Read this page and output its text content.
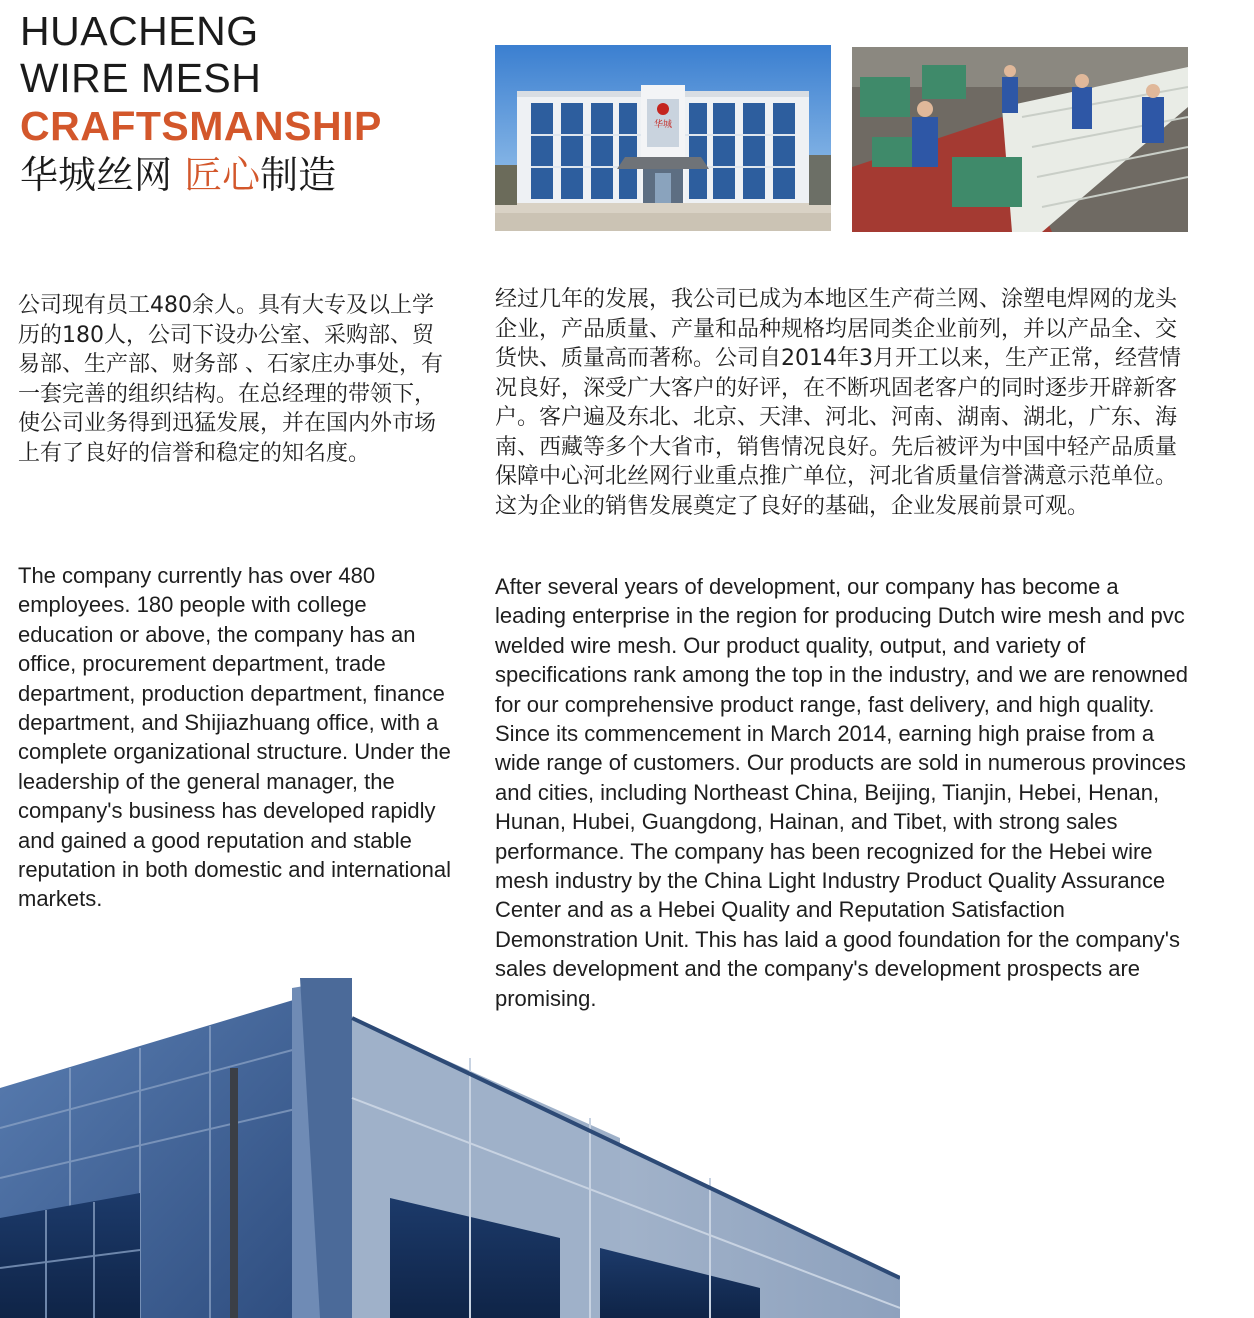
HUACHENG
WIRE MESH
CRAFTSMANSHIP
华城丝网 匠心制造
华城

公司现有员工480余人。具有大专及以上学历的180人，公司下设办公室、采购部、贸易部、生产部、财务部 、石家庄办事处，有一套完善的组织结构。在总经理的带领下，使公司业务得到迅猛发展，并在国内外市场上有了良好的信誉和稳定的知名度。

The company currently has over 480 employees. 180 people with college education or above, the company has an office, procurement department, trade department, production department, finance department, and Shijiazhuang office, with a complete organizational structure. Under the leadership of the general manager, the company's business has developed rapidly and gained a good reputation and stable reputation in both domestic and international markets.

经过几年的发展，我公司已成为本地区生产荷兰网、涂塑电焊网的龙头企业，产品质量、产量和品种规格均居同类企业前列，并以产品全、交货快、质量高而著称。公司自2014年3月开工以来，生产正常，经营情况良好，深受广大客户的好评，在不断巩固老客户的同时逐步开辟新客户。客户遍及东北、北京、天津、河北、河南、湖南、湖北，广东、海南、西藏等多个大省市，销售情况良好。先后被评为中国中轻产品质量保障中心河北丝网行业重点推广单位，河北省质量信誉满意示范单位。这为企业的销售发展奠定了良好的基础，企业发展前景可观。

After several years of development, our company has become a leading enterprise in the region for producing Dutch wire mesh and pvc welded wire mesh. Our product quality, output, and variety of specifications rank among the top in the industry, and we are renowned for our comprehensive product range, fast delivery, and high quality. Since its commencement in March 2014, earning high praise from a wide range of customers. Our products are sold in numerous provinces and cities, including Northeast China, Beijing, Tianjin, Hebei, Henan, Hunan, Hubei, Guangdong, Hainan, and Tibet, with strong sales performance. The company has been recognized for the Hebei wire mesh industry by the China Light Industry Product Quality Assurance Center and as a Hebei Quality and Reputation Satisfaction Demonstration Unit. This has laid a good foundation for the company's sales development and the company's development prospects are promising.
